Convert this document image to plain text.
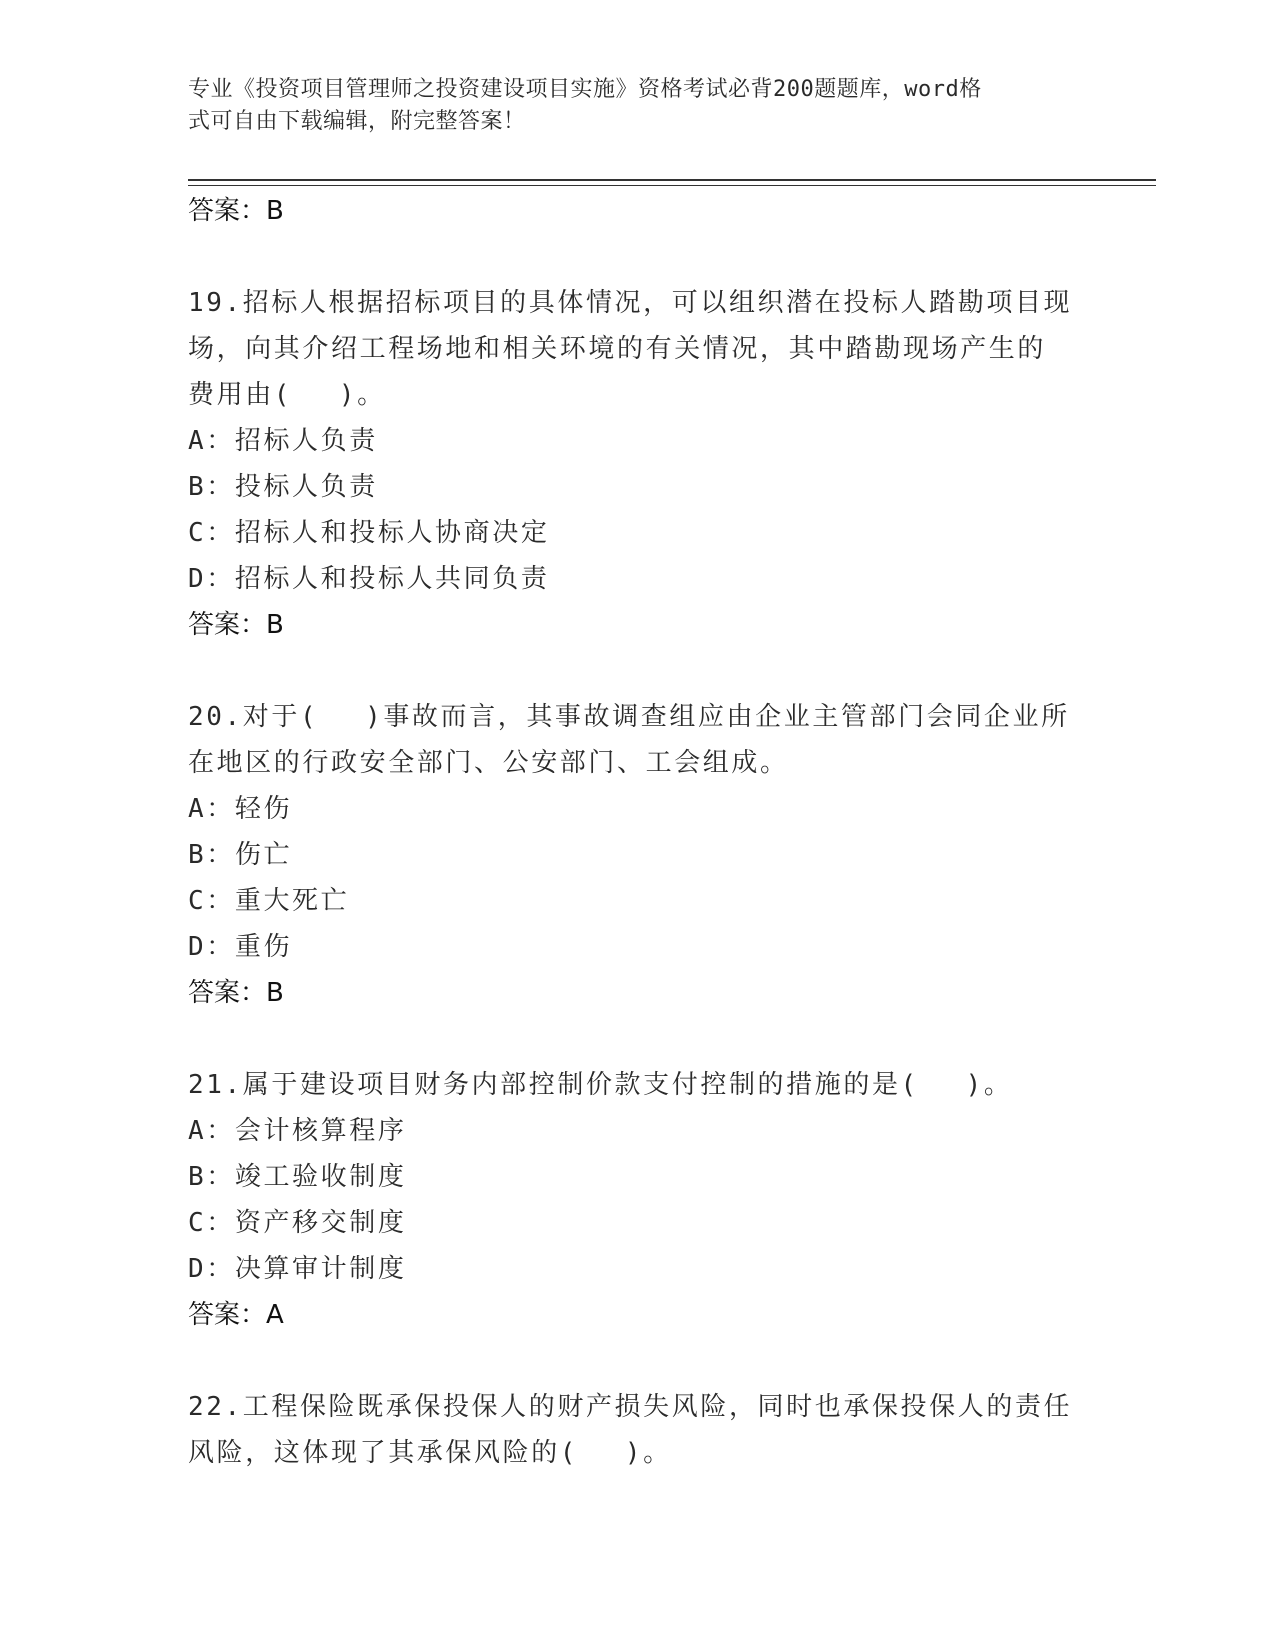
专业《投资项目管理师之投资建设项目实施》资格考试必背200题题库，word格
式可自由下载编辑，附完整答案！

答案：B

19.招标人根据招标项目的具体情况，可以组织潜在投标人踏勘项目现

场，向其介绍工程场地和相关环境的有关情况，其中踏勘现场产生的

费用由(　 )。

A：招标人负责

B：投标人负责

C：招标人和投标人协商决定

D：招标人和投标人共同负责

答案：B

20.对于(　 )事故而言，其事故调查组应由企业主管部门会同企业所

在地区的行政安全部门、公安部门、工会组成。

A：轻伤

B：伤亡

C：重大死亡

D：重伤

答案：B

21.属于建设项目财务内部控制价款支付控制的措施的是(　 )。

A：会计核算程序

B：竣工验收制度

C：资产移交制度

D：决算审计制度

答案：A

22.工程保险既承保投保人的财产损失风险，同时也承保投保人的责任

风险，这体现了其承保风险的(　 )。
